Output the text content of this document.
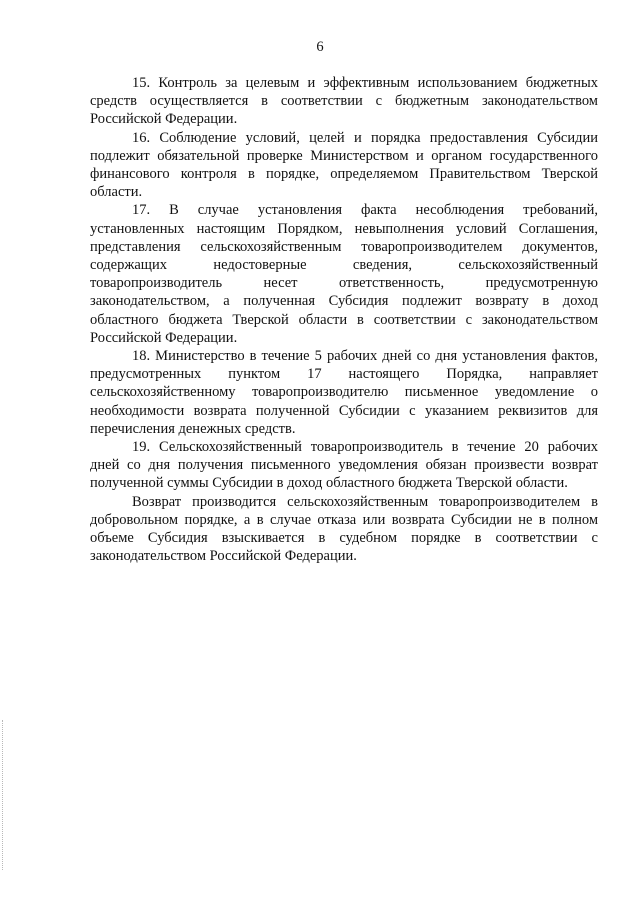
6

15. Контроль за целевым и эффективным использованием бюджетных средств осуществляется в соответствии с бюджетным законодательством Российской Федерации.

16. Соблюдение условий, целей и порядка предоставления Субсидии подлежит обязательной проверке Министерством и органом государственного финансового контроля в порядке, определяемом Правительством Тверской области.

17. В случае установления факта несоблюдения требований, установленных настоящим Порядком, невыполнения условий Соглашения, представления сельскохозяйственным товаропроизводителем документов, содержащих недостоверные сведения, сельскохозяйственный товаропроизводитель несет ответственность, предусмотренную законодательством, а полученная Субсидия подлежит возврату в доход областного бюджета Тверской области в соответствии с законодательством Российской Федерации.

18. Министерство в течение 5 рабочих дней со дня установления фактов, предусмотренных пунктом 17 настоящего Порядка, направляет сельскохозяйственному товаропроизводителю письменное уведомление о необходимости возврата полученной Субсидии с указанием реквизитов для перечисления денежных средств.

19. Сельскохозяйственный товаропроизводитель в течение 20 рабочих дней со дня получения письменного уведомления обязан произвести возврат полученной суммы Субсидии в доход областного бюджета Тверской области.

Возврат производится сельскохозяйственным товаропроизводителем в добровольном порядке, а в случае отказа или возврата Субсидии не в полном объеме Субсидия взыскивается в судебном порядке в соответствии с законодательством Российской Федерации.
